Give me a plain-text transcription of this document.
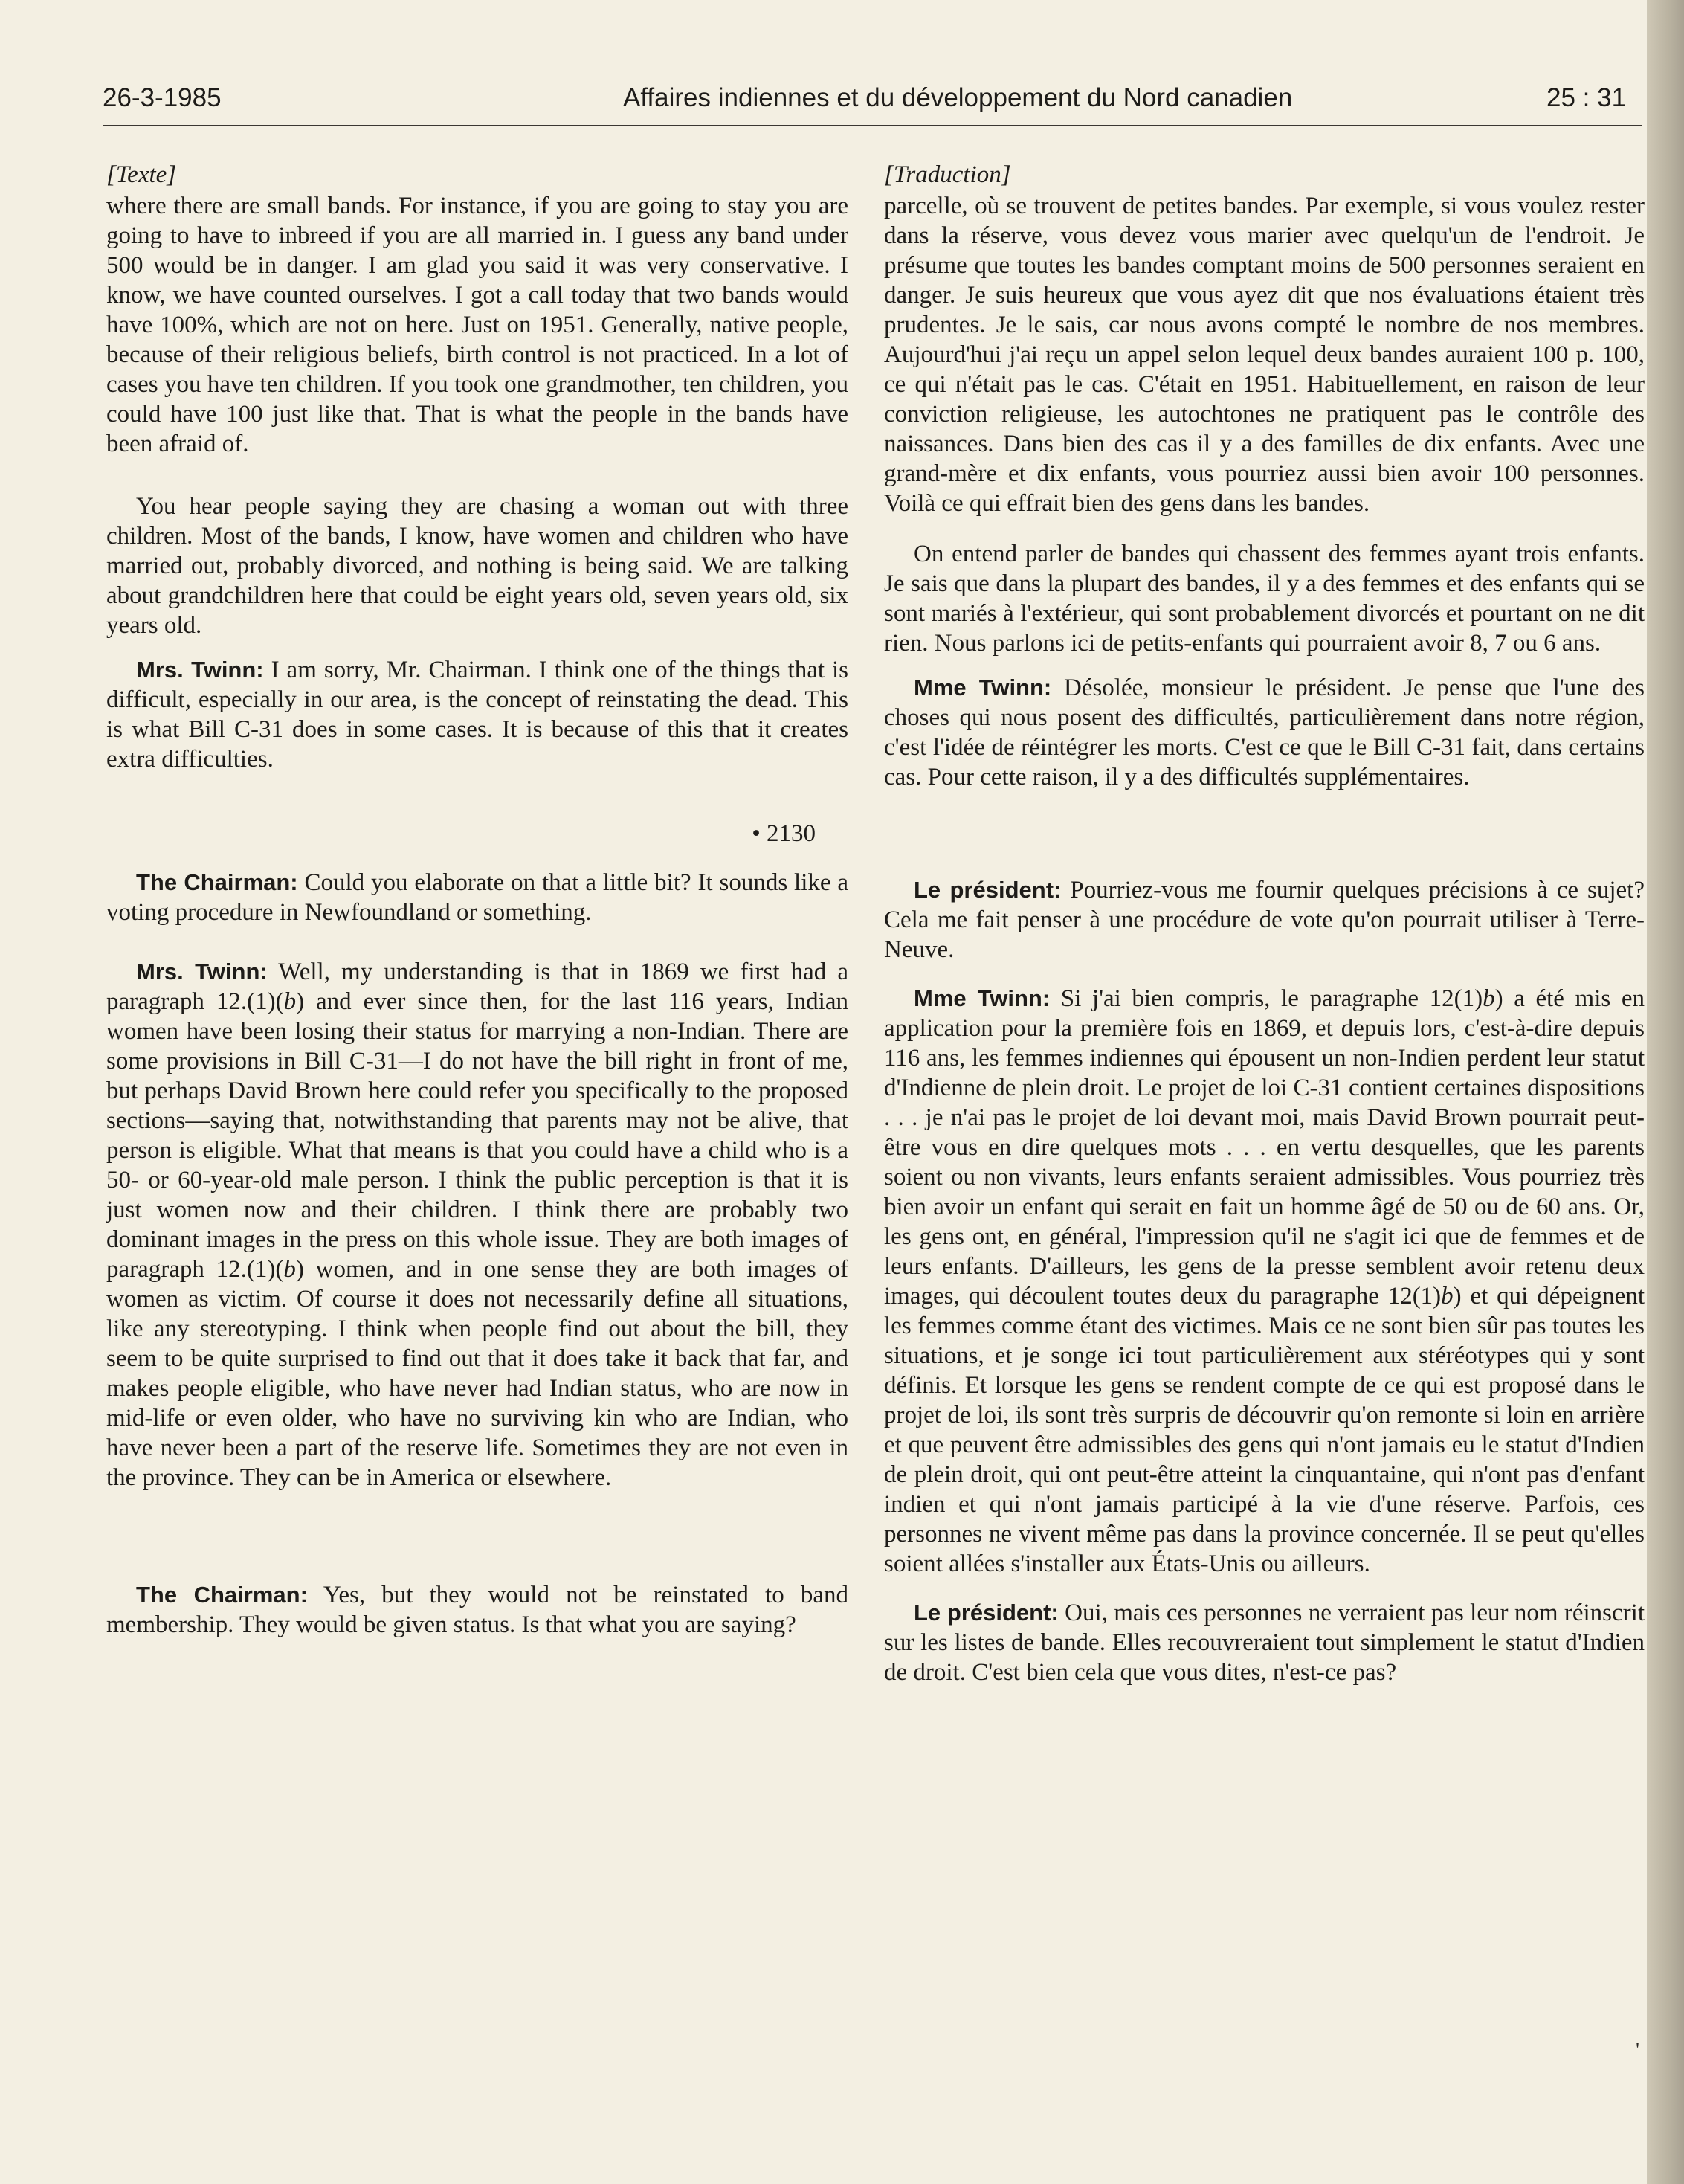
26-3-1985	Affaires indiennes et du développement du Nord canadien	25 : 31

[Texte]

where there are small bands. For instance, if you are going to stay you are going to have to inbreed if you are all married in. I guess any band under 500 would be in danger. I am glad you said it was very conservative. I know, we have counted ourselves. I got a call today that two bands would have 100%, which are not on here. Just on 1951. Generally, native people, because of their religious beliefs, birth control is not practiced. In a lot of cases you have ten children. If you took one grandmother, ten children, you could have 100 just like that. That is what the people in the bands have been afraid of.

You hear people saying they are chasing a woman out with three children. Most of the bands, I know, have women and children who have married out, probably divorced, and nothing is being said. We are talking about grandchildren here that could be eight years old, seven years old, six years old.

Mrs. Twinn: I am sorry, Mr. Chairman. I think one of the things that is difficult, especially in our area, is the concept of reinstating the dead. This is what Bill C-31 does in some cases. It is because of this that it creates extra difficulties.

• 2130

The Chairman: Could you elaborate on that a little bit? It sounds like a voting procedure in Newfoundland or something.

Mrs. Twinn: Well, my understanding is that in 1869 we first had a paragraph 12.(1)(b) and ever since then, for the last 116 years, Indian women have been losing their status for marrying a non-Indian. There are some provisions in Bill C-31—I do not have the bill right in front of me, but perhaps David Brown here could refer you specifically to the proposed sections—saying that, notwithstanding that parents may not be alive, that person is eligible. What that means is that you could have a child who is a 50- or 60-year-old male person. I think the public perception is that it is just women now and their children. I think there are probably two dominant images in the press on this whole issue. They are both images of paragraph 12.(1)(b) women, and in one sense they are both images of women as victim. Of course it does not necessarily define all situations, like any stereotyping. I think when people find out about the bill, they seem to be quite surprised to find out that it does take it back that far, and makes people eligible, who have never had Indian status, who are now in mid-life or even older, who have no surviving kin who are Indian, who have never been a part of the reserve life. Sometimes they are not even in the province. They can be in America or elsewhere.

The Chairman: Yes, but they would not be reinstated to band membership. They would be given status. Is that what you are saying?

[Traduction]

parcelle, où se trouvent de petites bandes. Par exemple, si vous voulez rester dans la réserve, vous devez vous marier avec quelqu'un de l'endroit. Je présume que toutes les bandes comptant moins de 500 personnes seraient en danger. Je suis heureux que vous ayez dit que nos évaluations étaient très prudentes. Je le sais, car nous avons compté le nombre de nos membres. Aujourd'hui j'ai reçu un appel selon lequel deux bandes auraient 100 p. 100, ce qui n'était pas le cas. C'était en 1951. Habituellement, en raison de leur conviction religieuse, les autochtones ne pratiquent pas le contrôle des naissances. Dans bien des cas il y a des familles de dix enfants. Avec une grand-mère et dix enfants, vous pourriez aussi bien avoir 100 personnes. Voilà ce qui effrait bien des gens dans les bandes.

On entend parler de bandes qui chassent des femmes ayant trois enfants. Je sais que dans la plupart des bandes, il y a des femmes et des enfants qui se sont mariés à l'extérieur, qui sont probablement divorcés et pourtant on ne dit rien. Nous parlons ici de petits-enfants qui pourraient avoir 8, 7 ou 6 ans.

Mme Twinn: Désolée, monsieur le président. Je pense que l'une des choses qui nous posent des difficultés, particulièrement dans notre région, c'est l'idée de réintégrer les morts. C'est ce que le Bill C-31 fait, dans certains cas. Pour cette raison, il y a des difficultés supplémentaires.

Le président: Pourriez-vous me fournir quelques précisions à ce sujet? Cela me fait penser à une procédure de vote qu'on pourrait utiliser à Terre-Neuve.

Mme Twinn: Si j'ai bien compris, le paragraphe 12(1)b) a été mis en application pour la première fois en 1869, et depuis lors, c'est-à-dire depuis 116 ans, les femmes indiennes qui épousent un non-Indien perdent leur statut d'Indienne de plein droit. Le projet de loi C-31 contient certaines dispositions . . . je n'ai pas le projet de loi devant moi, mais David Brown pourrait peut-être vous en dire quelques mots . . . en vertu desquelles, que les parents soient ou non vivants, leurs enfants seraient admissibles. Vous pourriez très bien avoir un enfant qui serait en fait un homme âgé de 50 ou de 60 ans. Or, les gens ont, en général, l'impression qu'il ne s'agit ici que de femmes et de leurs enfants. D'ailleurs, les gens de la presse semblent avoir retenu deux images, qui découlent toutes deux du paragraphe 12(1)b) et qui dépeignent les femmes comme étant des victimes. Mais ce ne sont bien sûr pas toutes les situations, et je songe ici tout particulièrement aux stéréotypes qui y sont définis. Et lorsque les gens se rendent compte de ce qui est proposé dans le projet de loi, ils sont très surpris de découvrir qu'on remonte si loin en arrière et que peuvent être admissibles des gens qui n'ont jamais eu le statut d'Indien de plein droit, qui ont peut-être atteint la cinquantaine, qui n'ont pas d'enfant indien et qui n'ont jamais participé à la vie d'une réserve. Parfois, ces personnes ne vivent même pas dans la province concernée. Il se peut qu'elles soient allées s'installer aux États-Unis ou ailleurs.

Le président: Oui, mais ces personnes ne verraient pas leur nom réinscrit sur les listes de bande. Elles recouvreraient tout simplement le statut d'Indien de droit. C'est bien cela que vous dites, n'est-ce pas?

'
